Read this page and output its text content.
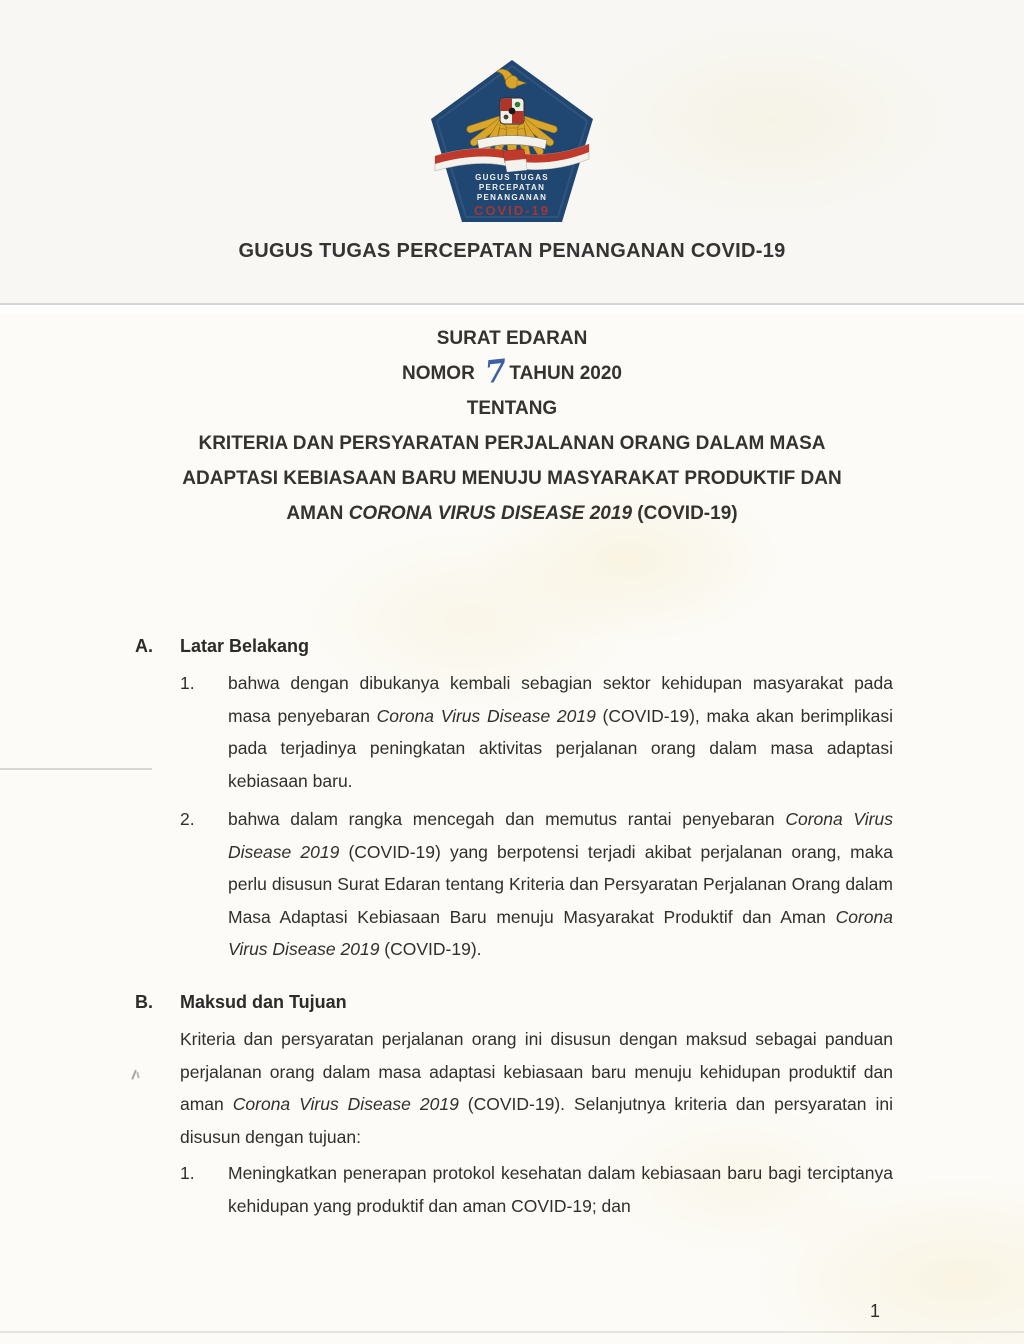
GUGUS TUGAS
PERCEPATAN
PENANGANAN
COVID-19
GUGUS TUGAS PERCEPATAN PENANGANAN COVID-19
SURAT EDARAN
NOMOR 7 TAHUN 2020
TENTANG
KRITERIA DAN PERSYARATAN PERJALANAN ORANG DALAM MASA
ADAPTASI KEBIASAAN BARU MENUJU MASYARAKAT PRODUKTIF DAN
AMAN CORONA VIRUS DISEASE 2019 (COVID-19)
A.	Latar Belakang
1.	bahwa dengan dibukanya kembali sebagian sektor kehidupan masyarakat pada masa penyebaran Corona Virus Disease 2019 (COVID-19), maka akan berimplikasi pada terjadinya peningkatan aktivitas perjalanan orang dalam masa adaptasi kebiasaan baru.
2.	bahwa dalam rangka mencegah dan memutus rantai penyebaran Corona Virus Disease 2019 (COVID-19) yang berpotensi terjadi akibat perjalanan orang, maka perlu disusun Surat Edaran tentang Kriteria dan Persyaratan Perjalanan Orang dalam Masa Adaptasi Kebiasaan Baru menuju Masyarakat Produktif dan Aman Corona Virus Disease 2019 (COVID-19).
B.	Maksud dan Tujuan
Kriteria dan persyaratan perjalanan orang ini disusun dengan maksud sebagai panduan perjalanan orang dalam masa adaptasi kebiasaan baru menuju kehidupan produktif dan aman Corona Virus Disease 2019 (COVID-19). Selanjutnya kriteria dan persyaratan ini disusun dengan tujuan:
1.	Meningkatkan penerapan protokol kesehatan dalam kebiasaan baru bagi terciptanya kehidupan yang produktif dan aman COVID-19; dan
1
